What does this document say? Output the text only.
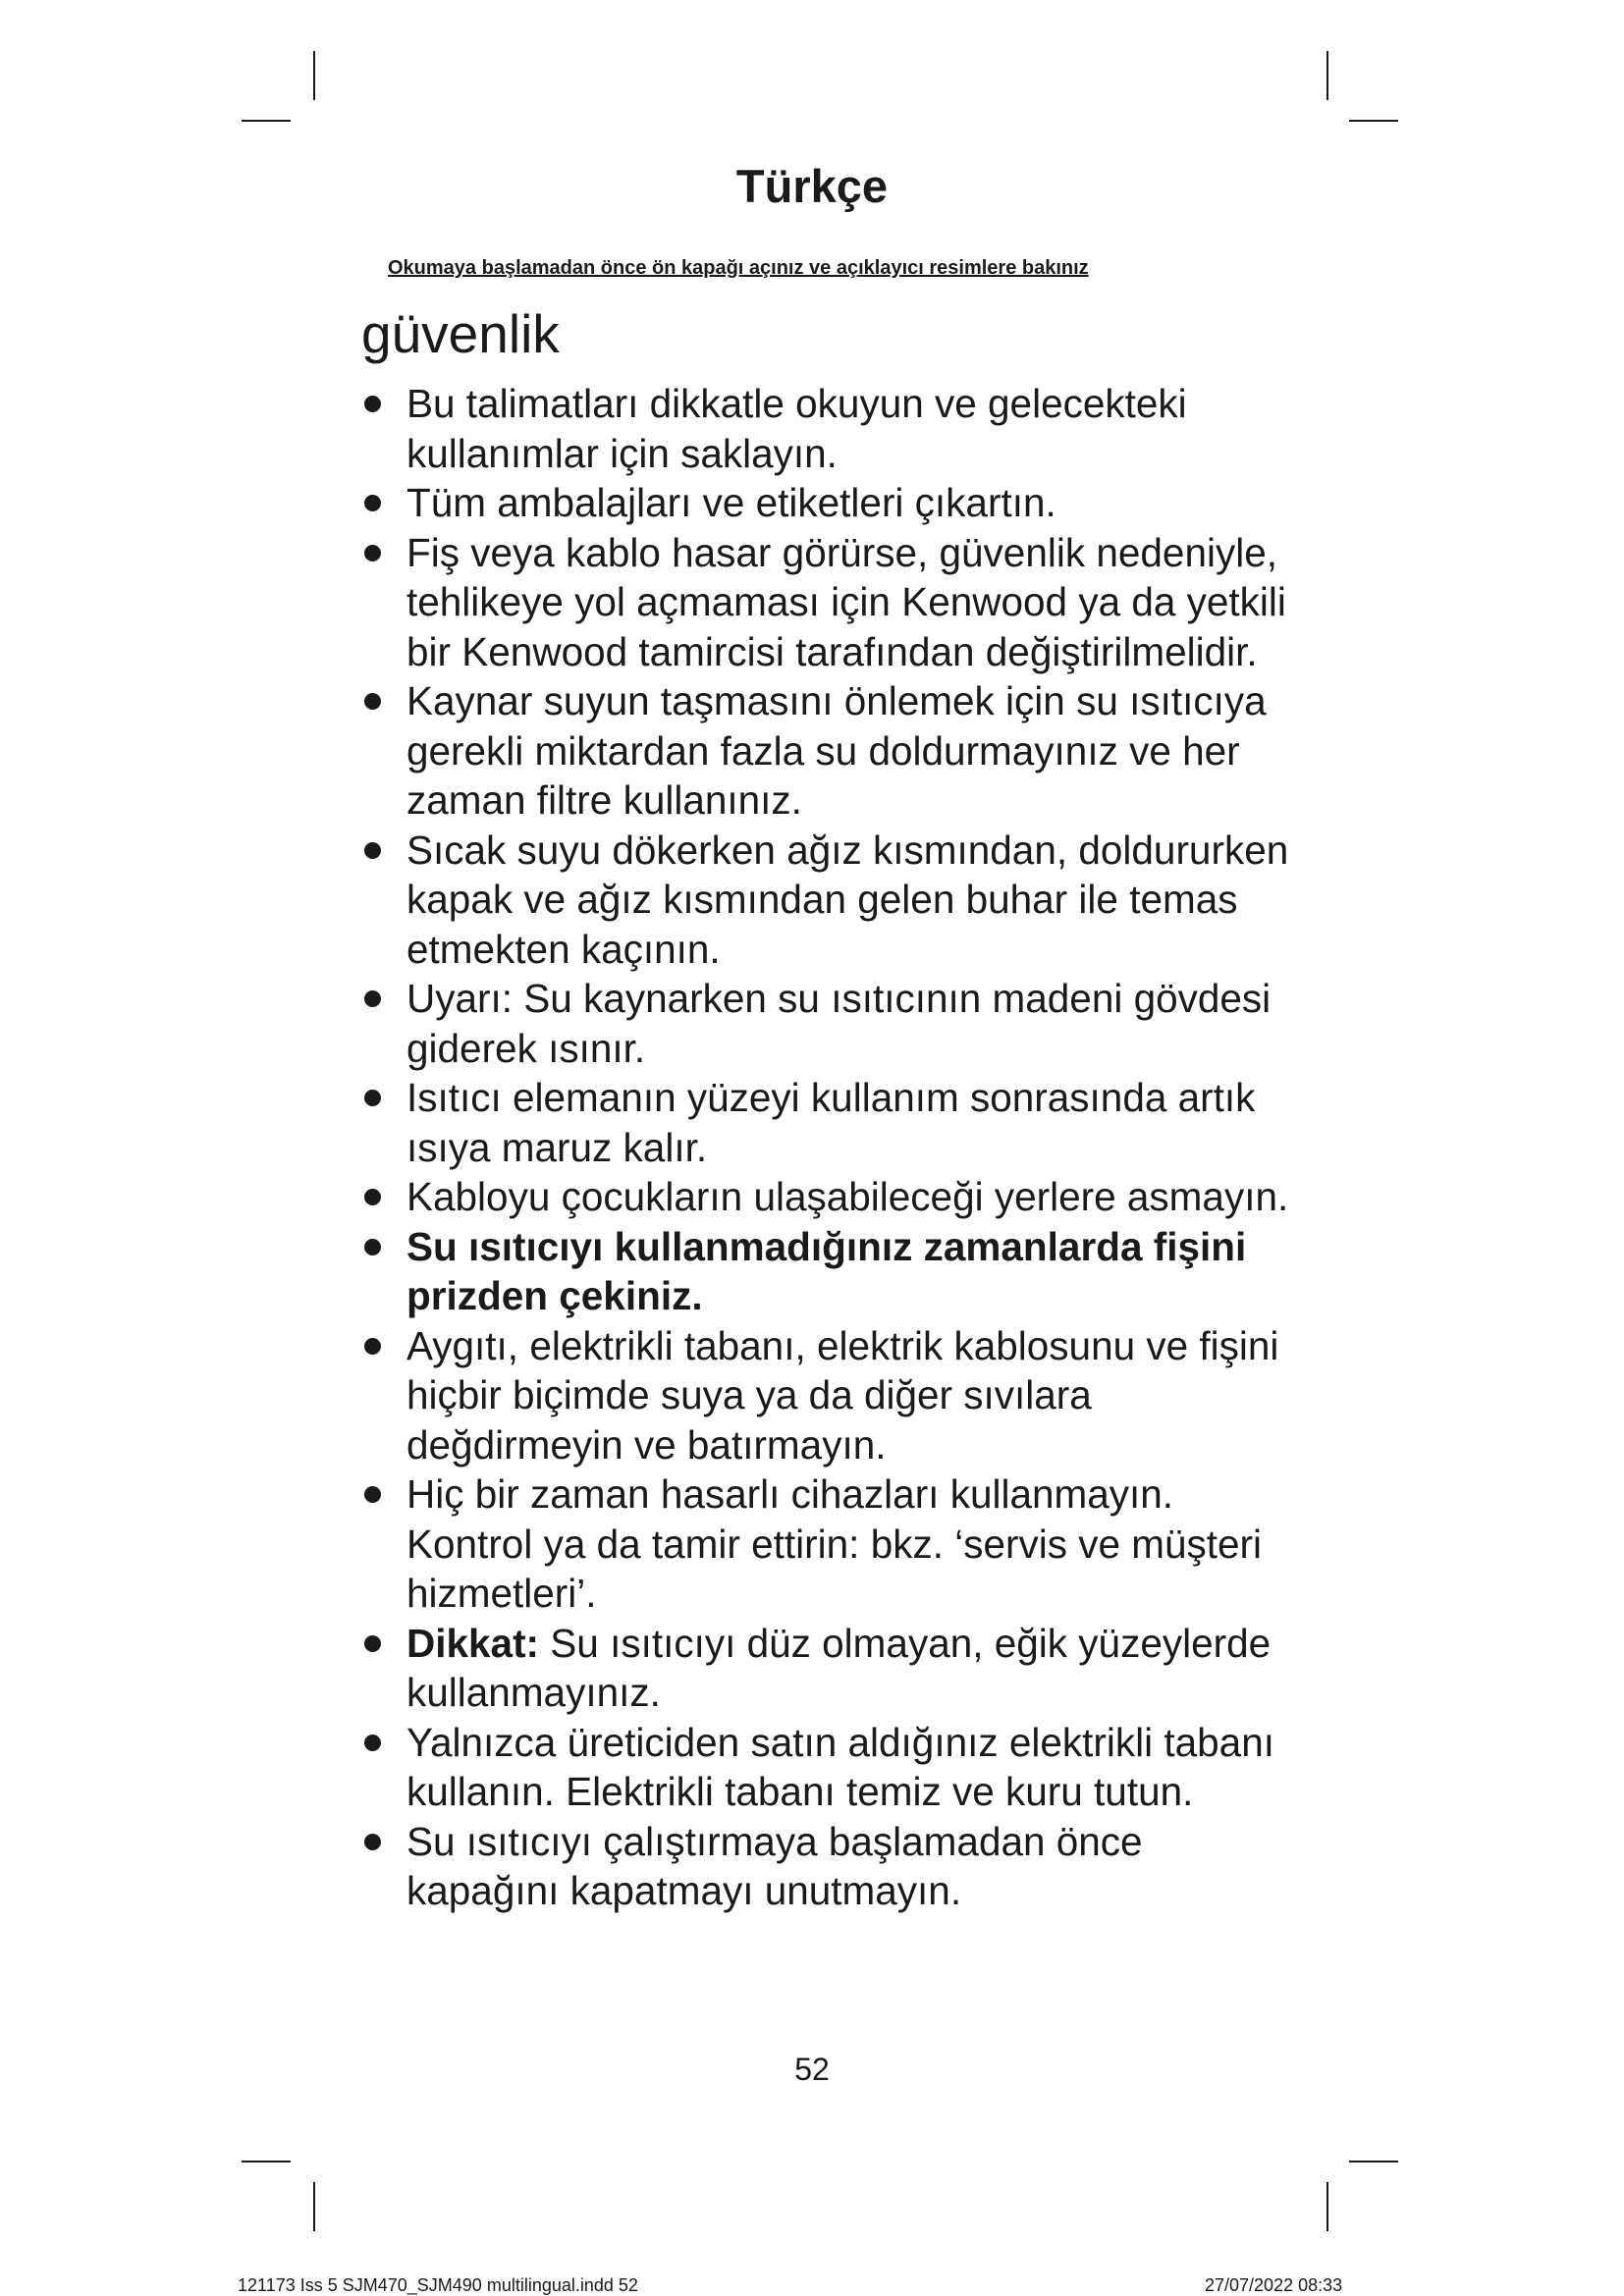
Türkçe
Okumaya başlamadan önce ön kapağı açınız ve açıklayıcı resimlere bakınız
güvenlik
Bu talimatları dikkatle okuyun ve gelecekteki kullanımlar için saklayın.
Tüm ambalajları ve etiketleri çıkartın.
Fiş veya kablo hasar görürse, güvenlik nedeniyle, tehlikeye yol açmaması için Kenwood ya da yetkili bir Kenwood tamircisi tarafından değiştirilmelidir.
Kaynar suyun taşmasını önlemek için su ısıtıcıya gerekli miktardan fazla su doldurmayınız ve her zaman filtre kullanınız.
Sıcak suyu dökerken ağız kısmından, doldururken kapak ve ağız kısmından gelen buhar ile temas etmekten kaçının.
Uyarı: Su kaynarken su ısıtıcının madeni gövdesi giderek ısınır.
Isıtıcı elemanın yüzeyi kullanım sonrasında artık ısıya maruz kalır.
Kabloyu çocukların ulaşabileceği yerlere asmayın.
Su ısıtıcıyı kullanmadığınız zamanlarda fişini prizden çekiniz.
Aygıtı, elektrikli tabanı, elektrik kablosunu ve fişini hiçbir biçimde suya ya da diğer sıvılara değdirmeyin ve batırmayın.
Hiç bir zaman hasarlı cihazları kullanmayın. Kontrol ya da tamir ettirin: bkz. ‘servis ve müşteri hizmetleri’.
Dikkat: Su ısıtıcıyı düz olmayan, eğik yüzeylerde kullanmayınız.
Yalnızca üreticiden satın aldığınız elektrikli tabanı kullanın. Elektrikli tabanı temiz ve kuru tutun.
Su ısıtıcıyı çalıştırmaya başlamadan önce kapağını kapatmayı unutmayın.
52
121173 Iss 5 SJM470_SJM490 multilingual.indd 52	27/07/2022 08:33
